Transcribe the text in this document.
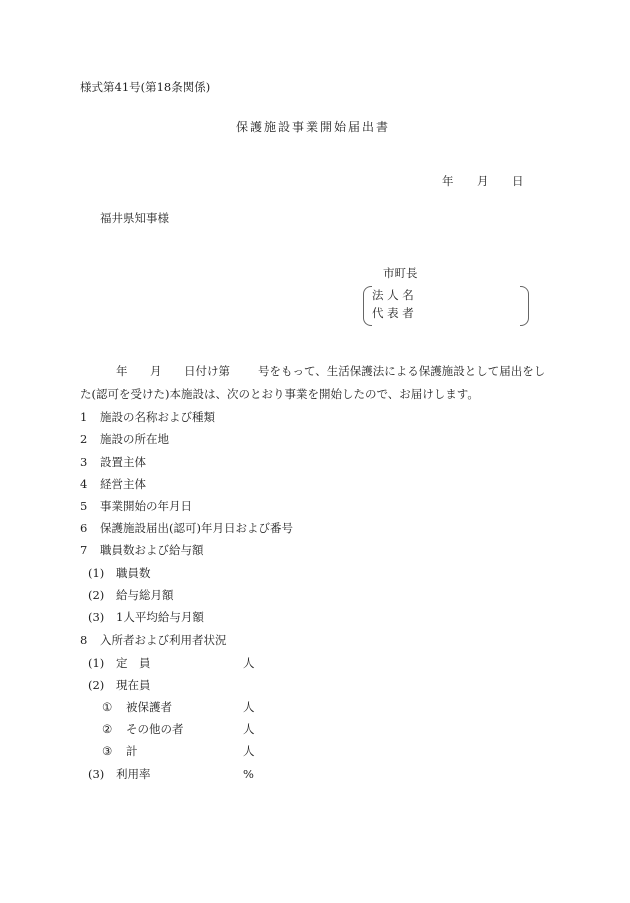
様式第41号(第18条関係)
保護施設事業開始届出書
年 月 日
福井県知事様
市町長
法 人 名
代 表 者
年 月 日付け第 号をもって、生活保護法による保護施設として届出をし
た(認可を受けた)本施設は、次のとおり事業を開始したので、お届けします。
1 施設の名称および種類
2 施設の所在地
3 設置主体
4 経営主体
5 事業開始の年月日
6 保護施設届出(認可)年月日および番号
7 職員数および給与額
(1) 職員数
(2) 給与総月額
(3) 1人平均給与月額
8 入所者および利用者状況
(1) 定　員	人
(2) 現在員
① 被保護者	人
② その他の者	人
③ 計	人
(3) 利用率	%
